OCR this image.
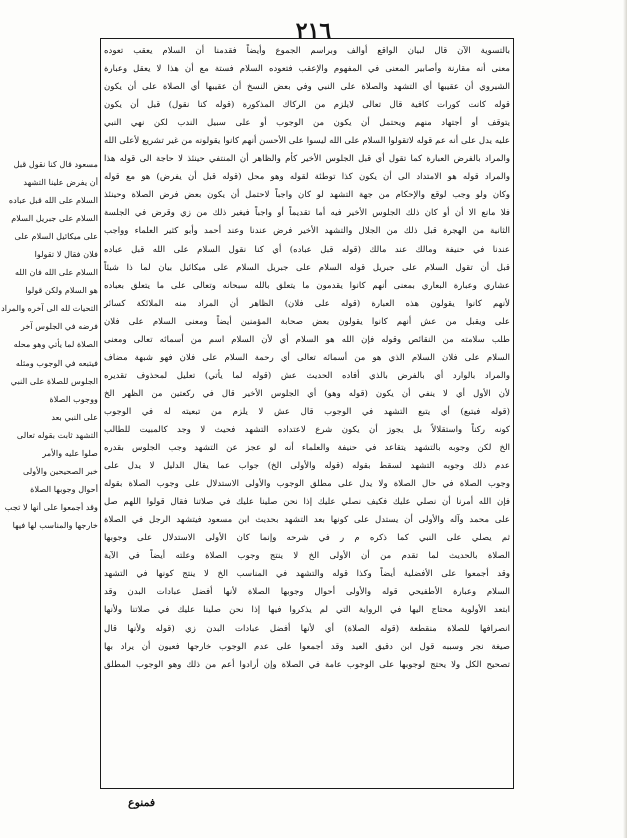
٢١٦
بالتسوية الآن قال لبيان الواقع أوالف وبراسم الجموع وأيضاً فقدمنا أن السلام يعقب تعوده
معنى أنه مقارنة وأصابير المعنى في المفهوم والإعقب فتعوده السلام فستة مع أن هذا لا يعقل وعبارة
الشيروي أن عقيبها أي التشهد والصلاة على النبي وفي بعض النسخ أن عقيبها أي الصلاة على أن يكون
قوله كانت كورات كافية قال تعالى لايلزم من الركاك المذكورة (قوله كنا نقول) قبل أن يكون
يتوقف أو أجتهاد منهم ويحتمل أن يكون من الوجوب أو على سبيل الندب لكن نهي النبي
عليه يدل على أنه عم قوله لاتقولوا السلام على الله ليسوا على الأحسن أنهم كانوا يقولونه من غير تشريع لأعلى الله
والمراد بالفرض العبارة كما تقول أي قبل الجلوس الأخير كأم والظاهر أن المنتفي حينئذ لا حاجة الى قوله هذا
والمراد قوله هو الامتداد الى أن يكون كذا توطئة لقوله وهو محل (قوله قبل أن يفرض) هو مع قوله
وكان ولو وجب لوقع والإحكام من جهة التشهد لو كان واجباً لاحتمل أن يكون بعض فرض الصلاة وحينئذ
فلا مانع الا أن أو كان ذلك الجلوس الأخير فيه أما تقديماً أو واجباً فيغير ذلك من زي وقرض في الجلسة
الثانية من الهجرة قبل ذلك من الجلال والتشهد الأخير فرض عندنا وعند أحمد وأبو كثير العلماء وواجب
عندنا في حنيفة ومالك عند مالك (قوله قبل عباده) أي كنا نقول السلام على الله قبل عباده
قبل أن تقول السلام على جبريل قوله السلام على جبريل السلام على ميكائيل بيان لما ذا شيئاً
عشاري وعبارة البعاري بمعنى أنهم كانوا يقدمون ما يتعلق بالله سبحانه وتعالى على ما يتعلق بعباده
لأنهم كانوا يقولون هذه العبارة (قوله على فلان) الظاهر أن المراد منه الملائكة كسائر
على ويقبل من عش أنهم كانوا يقولون بعض صحابة المؤمنين أيضاً ومعنى السلام على فلان
طلب سلامته من النقائص وقوله فإن الله هو السلام أي لأن السلام اسم من أسمائه تعالى ومعنى
السلام على فلان السلام الذي هو من أسمائه تعالى أي رحمة السلام على فلان فهو شبهة مضاف
والمراد بالوارد أي بالفرض بالذي أفاده الحديث عش (قوله لما يأتي) تعليل لمحذوف تقديره
لأن الأول أي لا ينفي أن يكون (قوله وهو) أي الجلوس الأخير قال في ركعتين من الظهر الخ
(قوله فيتبع) أي يتبع التشهد في الوجوب قال عش لا يلزم من تبعيته له في الوجوب
كونه ركناً واستقلالاً بل يجوز أن يكون شرع لاعتداده التشهد فحيث لا وجد كالمبيت للطالب
الخ لكن وجوبه بالتشهد يتقاعد في حنيفة والعلماء أنه لو عجز عن التشهد وجب الجلوس بقدره
عدم ذلك وجوبه التشهد لسقط بقوله (قوله والأولى الخ) جواب عما يقال الدليل لا يدل على
وجوب الصلاة في حال الصلاة ولا يدل على مطلق الوجوب والأولى الاستدلال على وجوب الصلاة بقوله
فإن الله أمرنا أن نصلي عليك فكيف نصلي عليك إذا نحن صلينا عليك في صلاتنا فقال قولوا اللهم صل
على محمد وآله والأولى أن يستدل على كونها بعد التشهد بحديث ابن مسعود فيتشهد الرجل في الصلاة
ثم يصلي على النبي كما ذكره م ر في شرحه وإنما كان الأولى الاستدلال على وجوبها
الصلاة بالحديث لما تقدم من أن الأولى الخ لا ينتج وجوب الصلاة وعلته أيضاً في الآية
وقد أجمعوا على الأفضلية أيضاً وكذا قوله والتشهد في المناسب الخ لا ينتج كونها في التشهد
السلام وعبارة الأطفيحي قوله والأولى أحوال وجوبها الصلاة لأنها أفضل عبادات البدن وقد
ابتعد الأولوية محتاج اليها في الرواية التي لم يذكروا فيها إذا نحن صلينا عليك في صلاتنا ولأنها
انصرافها للصلاة منقطعة (قوله الصلاة) أي لأنها أفضل عبادات البدن زي (قوله ولأنها قال
صيغة نجر وسببه قول ابن دقيق العيد وقد أجمعوا على عدم الوجوب خارجها فعيون أن يراد بها
تصحيح الكل ولا يحتج لوجوبها على الوجوب عامة في الصلاة وإن أرادوا أعم من ذلك وهو الوجوب المطلق
مسعود قال كنا نقول قبل
أن يفرض علينا التشهد
السلام على الله قبل عباده
السلام على جبريل السلام
على ميكائيل السلام على
فلان فقال لا تقولوا
السلام على الله فان الله
هو السلام ولكن قولوا
التحيات لله الى آخره والمراد
فرضه في الجلوس آخر
الصلاة لما يأتي وهو محله
فيتبعه في الوجوب ومثله
الجلوس للصلاة على النبي
ووجوب الصلاة
على النبي بعد
التشهد ثابت بقوله تعالى
صلوا عليه والأمر
خبر الصحيحين والأولى
أحوال وجوبها الصلاة
وقد أجمعوا على أنها لا تجب
خارجها والمناسب لها فيها
فمنوع
